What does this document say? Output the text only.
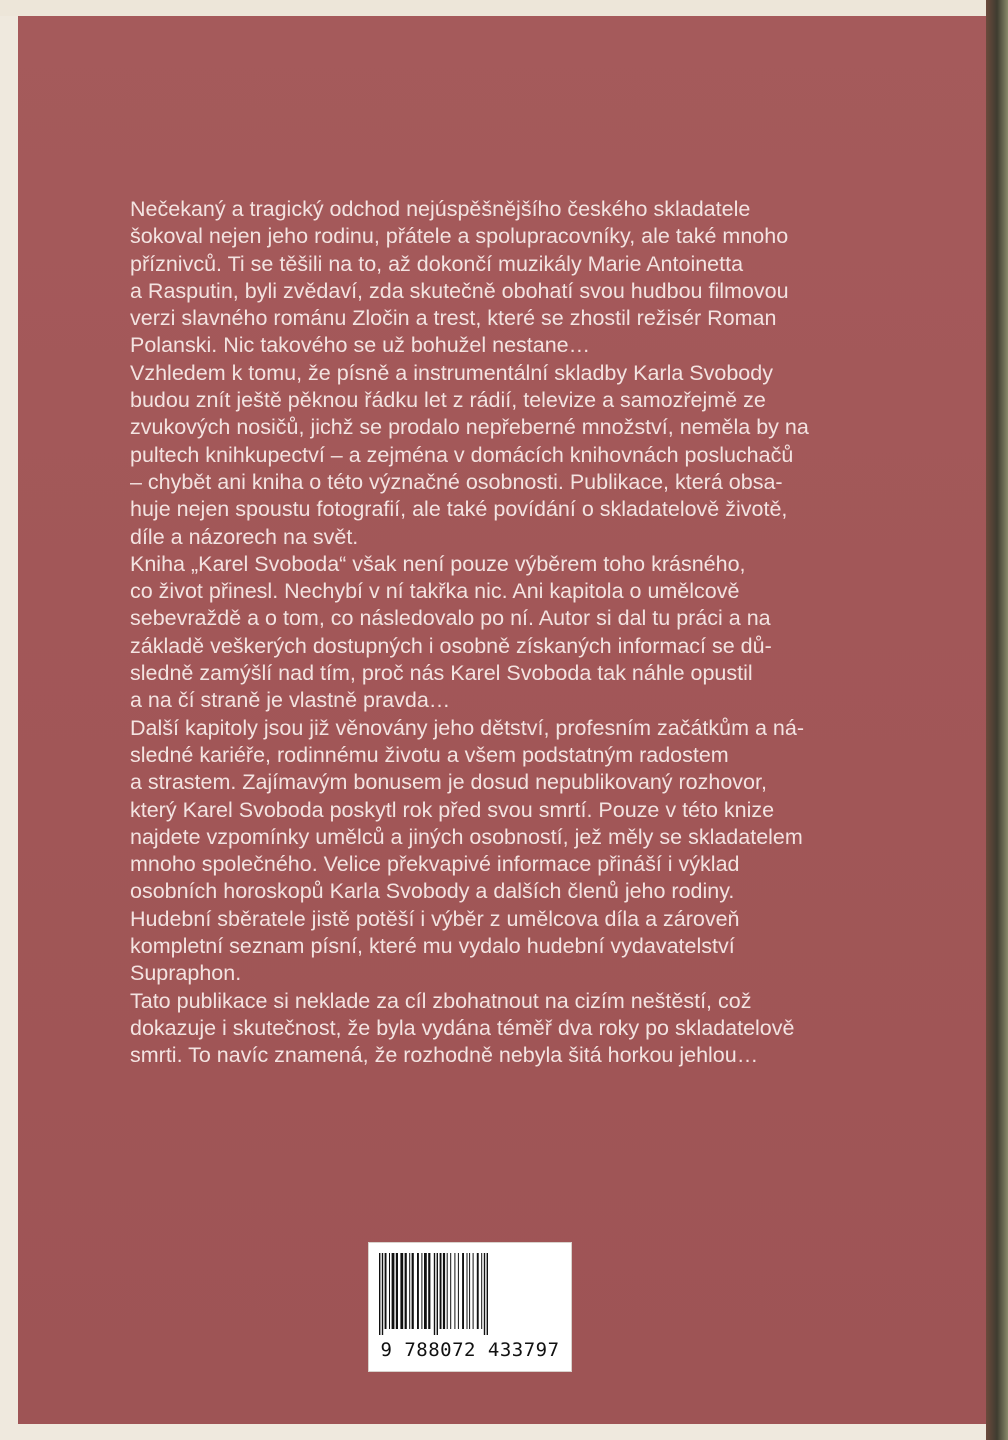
Nečekaný a tragický odchod nejúspěšnějšího českého skladatele
šokoval nejen jeho rodinu, přátele a spolupracovníky, ale také mnoho
příznivců. Ti se těšili na to, až dokončí muzikály Marie Antoinetta
a Rasputin, byli zvědaví, zda skutečně obohatí svou hudbou filmovou
verzi slavného románu Zločin a trest, které se zhostil režisér Roman
Polanski. Nic takového se už bohužel nestane…

Vzhledem k tomu, že písně a instrumentální skladby Karla Svobody
budou znít ještě pěknou řádku let z rádií, televize a samozřejmě ze
zvukových nosičů, jichž se prodalo nepřeberné množství, neměla by na
pultech knihkupectví – a zejména v domácích knihovnách posluchačů
– chybět ani kniha o této význačné osobnosti. Publikace, která obsa-
huje nejen spoustu fotografií, ale také povídání o skladatelově životě,
díle a názorech na svět.

Kniha „Karel Svoboda“ však není pouze výběrem toho krásného,
co život přinesl. Nechybí v ní takřka nic. Ani kapitola o umělcově
sebevraždě a o tom, co následovalo po ní. Autor si dal tu práci a na
základě veškerých dostupných i osobně získaných informací se dů-
sledně zamýšlí nad tím, proč nás Karel Svoboda tak náhle opustil
a na čí straně je vlastně pravda…

Další kapitoly jsou již věnovány jeho dětství, profesním začátkům a ná-
sledné kariéře, rodinnému životu a všem podstatným radostem
a strastem. Zajímavým bonusem je dosud nepublikovaný rozhovor,
který Karel Svoboda poskytl rok před svou smrtí. Pouze v této knize
najdete vzpomínky umělců a jiných osobností, jež měly se skladatelem
mnoho společného. Velice překvapivé informace přináší i výklad
osobních horoskopů Karla Svobody a dalších členů jeho rodiny.
Hudební sběratele jistě potěší i výběr z umělcova díla a zároveň
kompletní seznam písní, které mu vydalo hudební vydavatelství
Supraphon.

Tato publikace si neklade za cíl zbohatnout na cizím neštěstí, což
dokazuje i skutečnost, že byla vydána téměř dva roky po skladatelově
smrti. To navíc znamená, že rozhodně nebyla šitá horkou jehlou…

9 788072 433797
